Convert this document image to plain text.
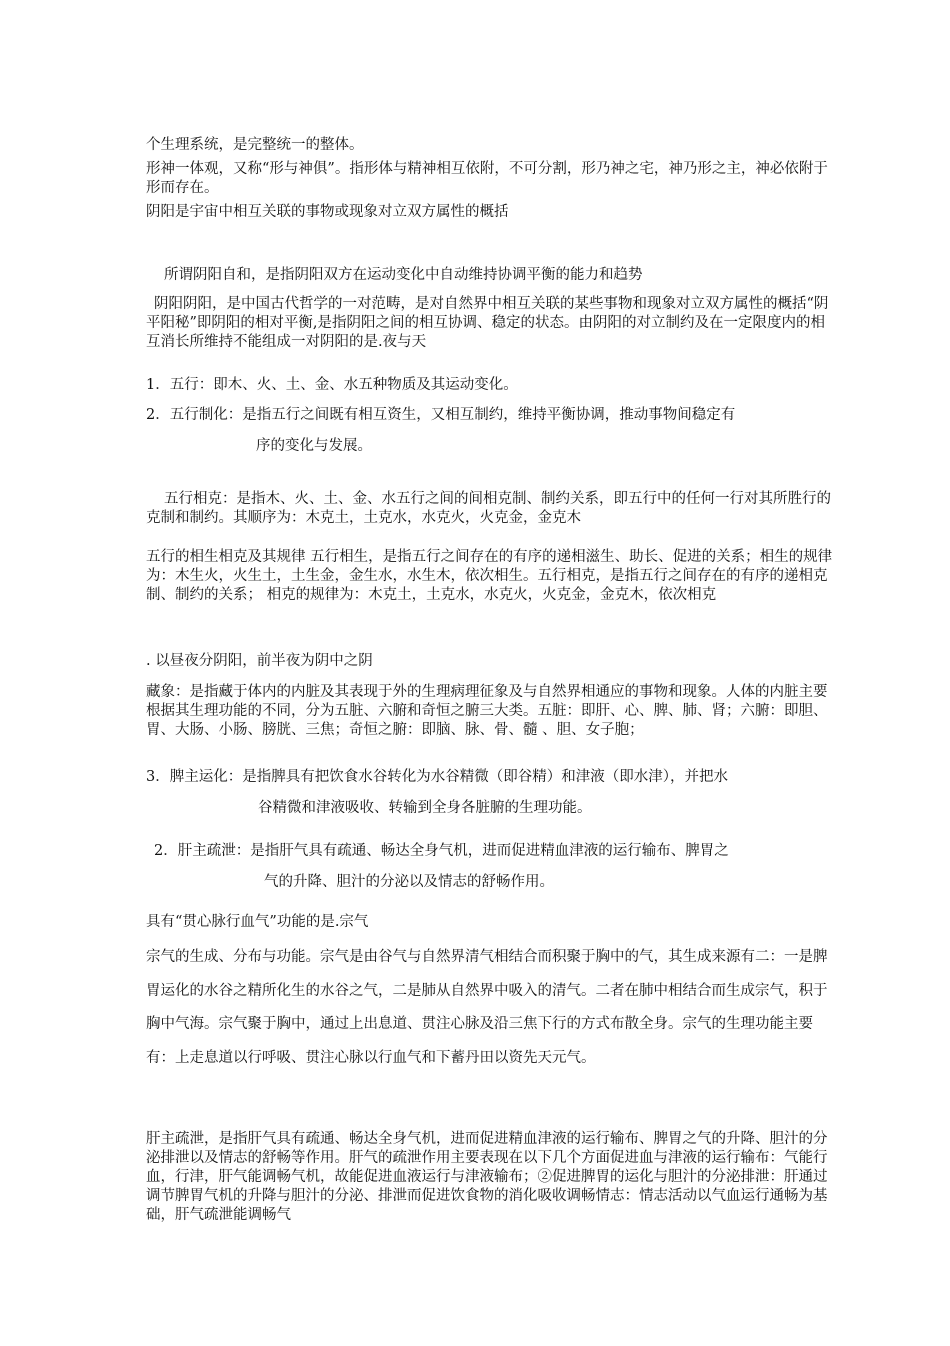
个生理系统，是完整统一的整体。

形神一体观，又称“形与神俱”。指形体与精神相互依附，不可分割，形乃神之宅，神乃形之主，神必依附于形而存在。

阴阳是宇宙中相互关联的事物或现象对立双方属性的概括

所谓阴阳自和，是指阴阳双方在运动变化中自动维持协调平衡的能力和趋势

阴阳阴阳，是中国古代哲学的一对范畴，是对自然界中相互关联的某些事物和现象对立双方属性的概括“阴平阳秘”即阴阳的相对平衡,是指阴阳之间的相互协调、稳定的状态。由阴阳的对立制约及在一定限度内的相互消长所维持不能组成一对阴阳的是.夜与天

1．五行：即木、火、土、金、水五种物质及其运动变化。
2．五行制化：是指五行之间既有相互资生，又相互制约，维持平衡协调，推动事物间稳定有
序的变化与发展。

五行相克：是指木、火、土、金、水五行之间的间相克制、制约关系，即五行中的任何一行对其所胜行的克制和制约。其顺序为：木克土，土克水，水克火，火克金，金克木

五行的相生相克及其规律 五行相生，是指五行之间存在的有序的递相滋生、助长、促进的关系；相生的规律为：木生火，火生土，土生金，金生水，水生木，依次相生。五行相克，是指五行之间存在的有序的递相克制、制约的关系； 相克的规律为：木克土，土克水，水克火，火克金，金克木，依次相克

. 以昼夜分阴阳，前半夜为阴中之阴

藏象：是指藏于体内的内脏及其表现于外的生理病理征象及与自然界相通应的事物和现象。人体的内脏主要根据其生理功能的不同，分为五脏、六腑和奇恒之腑三大类。五脏：即肝、心、脾、肺、肾；六腑：即胆、胃、大肠、小肠、膀胱、三焦；奇恒之腑：即脑、脉、骨、髓 、胆、女子胞；

3．脾主运化：是指脾具有把饮食水谷转化为水谷精微（即谷精）和津液（即水津），并把水
谷精微和津液吸收、转输到全身各脏腑的生理功能。
2．肝主疏泄：是指肝气具有疏通、畅达全身气机，进而促进精血津液的运行输布、脾胃之
气的升降、胆汁的分泌以及情志的舒畅作用。

具有“贯心脉行血气”功能的是.宗气

宗气的生成、分布与功能。宗气是由谷气与自然界清气相结合而积聚于胸中的气，其生成来源有二：一是脾胃运化的水谷之精所化生的水谷之气，二是肺从自然界中吸入的清气。二者在肺中相结合而生成宗气，积于胸中气海。宗气聚于胸中，通过上出息道、贯注心脉及沿三焦下行的方式布散全身。宗气的生理功能主要有：上走息道以行呼吸、贯注心脉以行血气和下蓄丹田以资先天元气。

肝主疏泄，是指肝气具有疏通、畅达全身气机，进而促进精血津液的运行输布、脾胃之气的升降、胆汁的分泌排泄以及情志的舒畅等作用。肝气的疏泄作用主要表现在以下几个方面促进血与津液的运行输布：气能行血，行津，肝气能调畅气机，故能促进血液运行与津液输布；②促进脾胃的运化与胆汁的分泌排泄：肝通过调节脾胃气机的升降与胆汁的分泌、排泄而促进饮食物的消化吸收调畅情志：情志活动以气血运行通畅为基础，肝气疏泄能调畅气
